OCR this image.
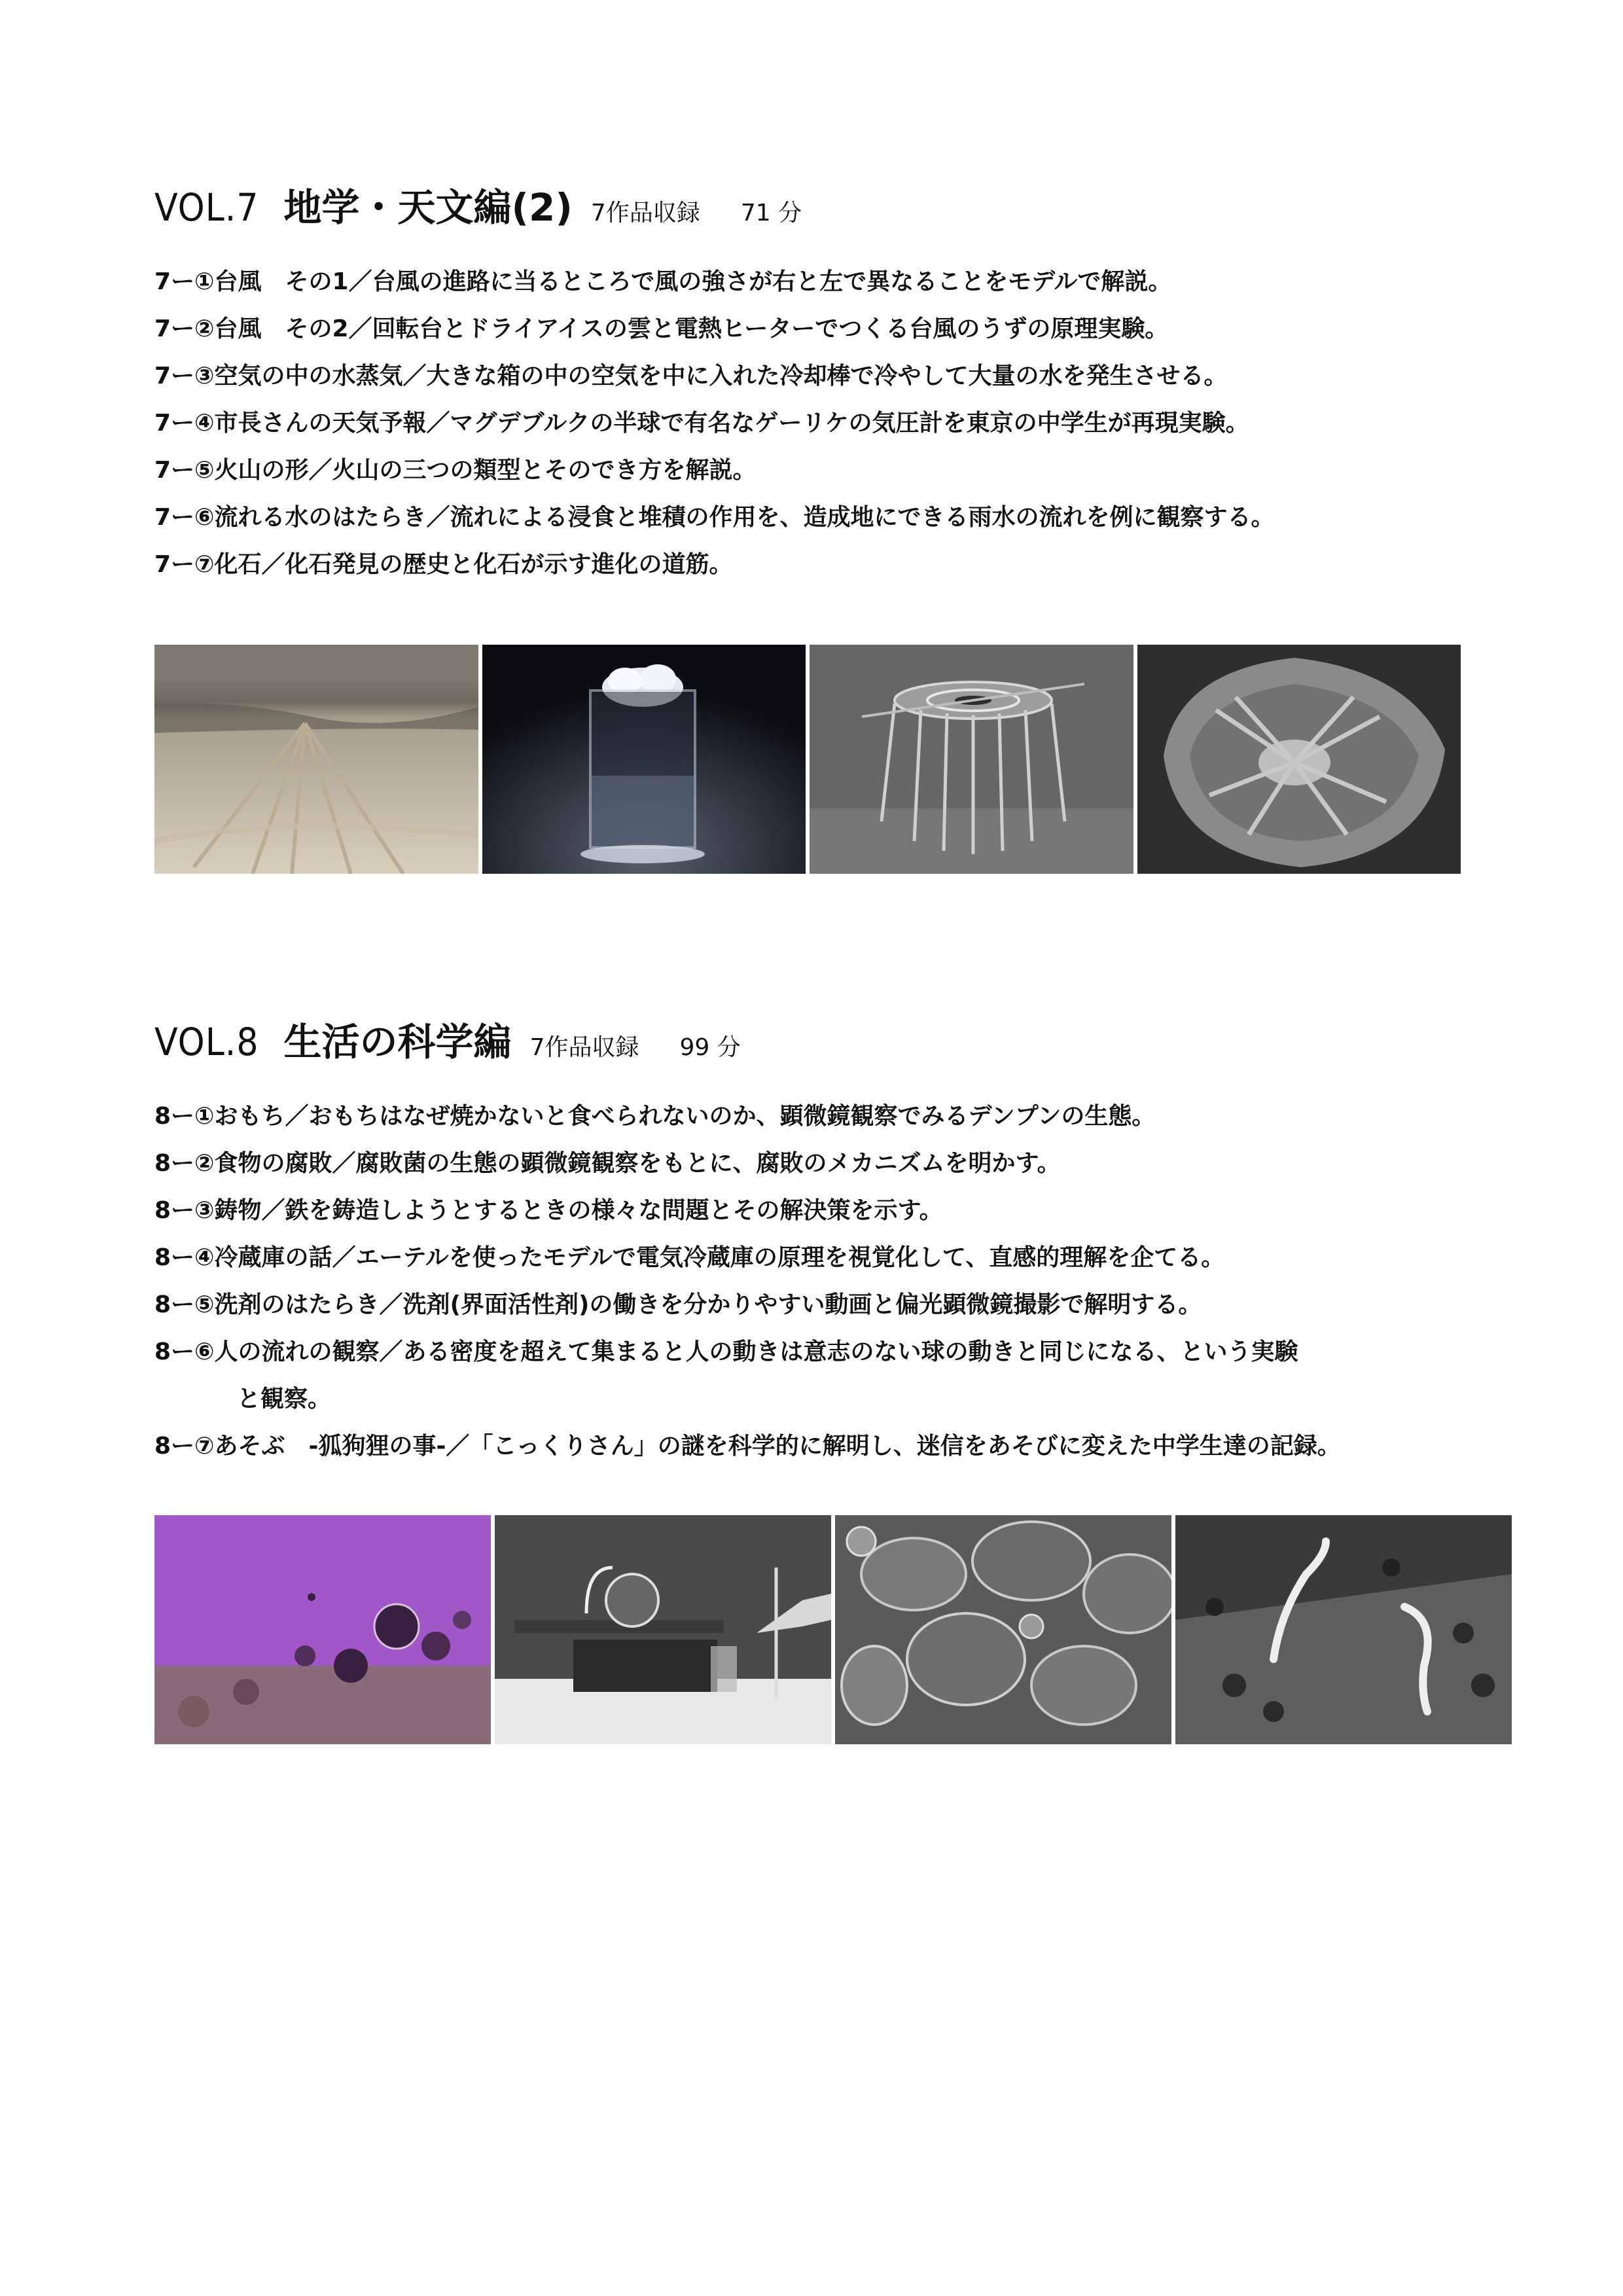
VOL.7 地学・天文編(2) 7作品収録 71 分
7ー①台風　その1／台風の進路に当るところで風の強さが右と左で異なることをモデルで解説。
7ー②台風　その2／回転台とドライアイスの雲と電熱ヒーターでつくる台風のうずの原理実験。
7ー③空気の中の水蒸気／大きな箱の中の空気を中に入れた冷却棒で冷やして大量の水を発生させる。
7ー④市長さんの天気予報／マグデブルクの半球で有名なゲーリケの気圧計を東京の中学生が再現実験。
7ー⑤火山の形／火山の三つの類型とそのでき方を解説。
7ー⑥流れる水のはたらき／流れによる浸食と堆積の作用を、造成地にできる雨水の流れを例に観察する。
7ー⑦化石／化石発見の歴史と化石が示す進化の道筋。
VOL.8 生活の科学編 7作品収録 99 分
8ー①おもち／おもちはなぜ焼かないと食べられないのか、顕微鏡観察でみるデンプンの生態。
8ー②食物の腐敗／腐敗菌の生態の顕微鏡観察をもとに、腐敗のメカニズムを明かす。
8ー③鋳物／鉄を鋳造しようとするときの様々な問題とその解決策を示す。
8ー④冷蔵庫の話／エーテルを使ったモデルで電気冷蔵庫の原理を視覚化して、直感的理解を企てる。
8ー⑤洗剤のはたらき／洗剤(界面活性剤)の働きを分かりやすい動画と偏光顕微鏡撮影で解明する。
8ー⑥人の流れの観察／ある密度を超えて集まると人の動きは意志のない球の動きと同じになる、という実験
と観察。
8ー⑦あそぶ　-狐狗狸の事-／「こっくりさん」の謎を科学的に解明し、迷信をあそびに変えた中学生達の記録。
